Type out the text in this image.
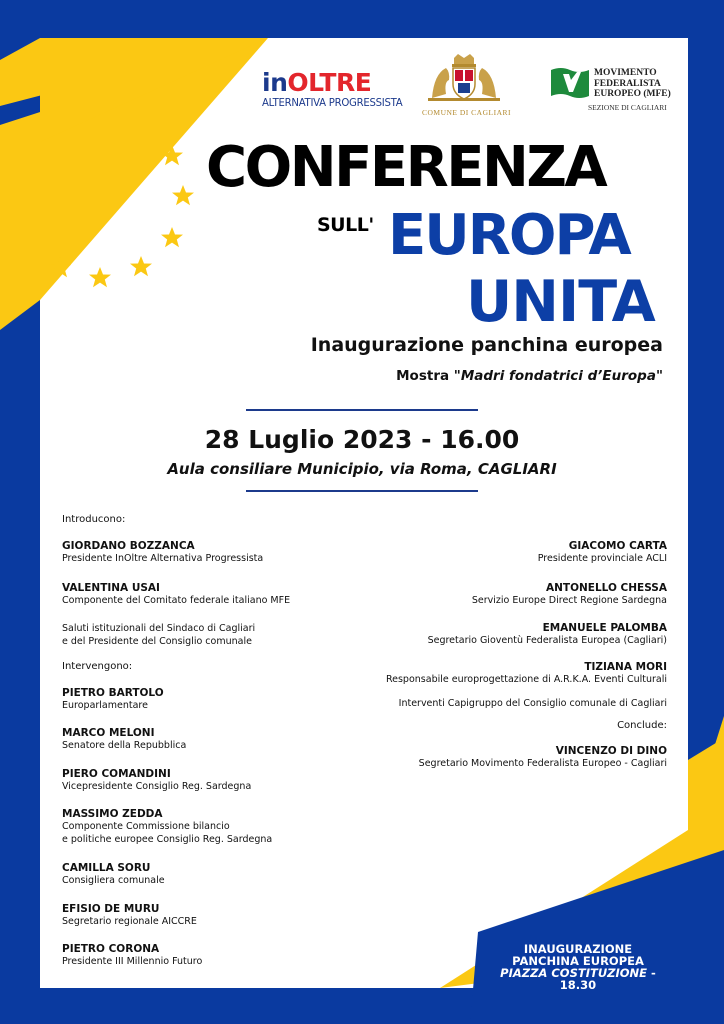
inOLTRE
ALTERNATIVA PROGRESSISTA
COMUNE DI CAGLIARI
MOVIMENTO
FEDERALISTA
EUROPEO (MFE)
SEZIONE DI CAGLIARI
CONFERENZA
SULL' EUROPA
UNITA
Inaugurazione panchina europea
Mostra "Madri fondatrici d’Europa"
28 Luglio 2023 - 16.00
Aula consiliare Municipio, via Roma, CAGLIARI
Introducono:
GIORDANO BOZZANCA
Presidente InOltre Alternativa Progressista
VALENTINA USAI
Componente del Comitato federale italiano MFE
Saluti istituzionali del Sindaco di Cagliari
e del Presidente del Consiglio comunale
Intervengono:
PIETRO BARTOLO
Europarlamentare
MARCO MELONI
Senatore della Repubblica
PIERO COMANDINI
Vicepresidente Consiglio Reg. Sardegna
MASSIMO ZEDDA
Componente Commissione bilancio
e politiche europee Consiglio Reg. Sardegna
CAMILLA SORU
Consigliera comunale
EFISIO DE MURU
Segretario regionale AICCRE
PIETRO CORONA
Presidente III Millennio Futuro
GIACOMO CARTA
Presidente provinciale ACLI
ANTONELLO CHESSA
Servizio Europe Direct Regione Sardegna
EMANUELE PALOMBA
Segretario Gioventù Federalista Europea (Cagliari)
TIZIANA MORI
Responsabile europrogettazione di A.R.K.A. Eventi Culturali
Interventi Capigruppo del Consiglio comunale di Cagliari
Conclude:
VINCENZO DI DINO
Segretario Movimento Federalista Europeo - Cagliari
INAUGURAZIONE
PANCHINA EUROPEA
PIAZZA COSTITUZIONE - 18.30
